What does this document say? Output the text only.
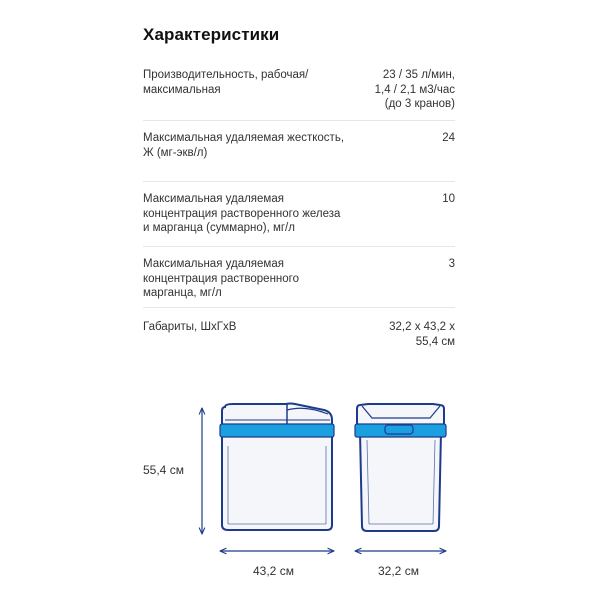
Характеристики
Производительность, рабочая/
максимальная
23 / 35 л/мин,
1,4 / 2,1 м3/час
(до 3 кранов)
Максимальная удаляемая жесткость,
Ж (мг-экв/л)
24
Максимальная удаляемая
концентрация растворенного железа
и марганца (суммарно), мг/л
10
Максимальная удаляемая
концентрация растворенного
марганца, мг/л
3
Габариты, ШхГхВ	32,2 х 43,2 х
55,4 см
55,4 см
43,2 см	32,2 см
